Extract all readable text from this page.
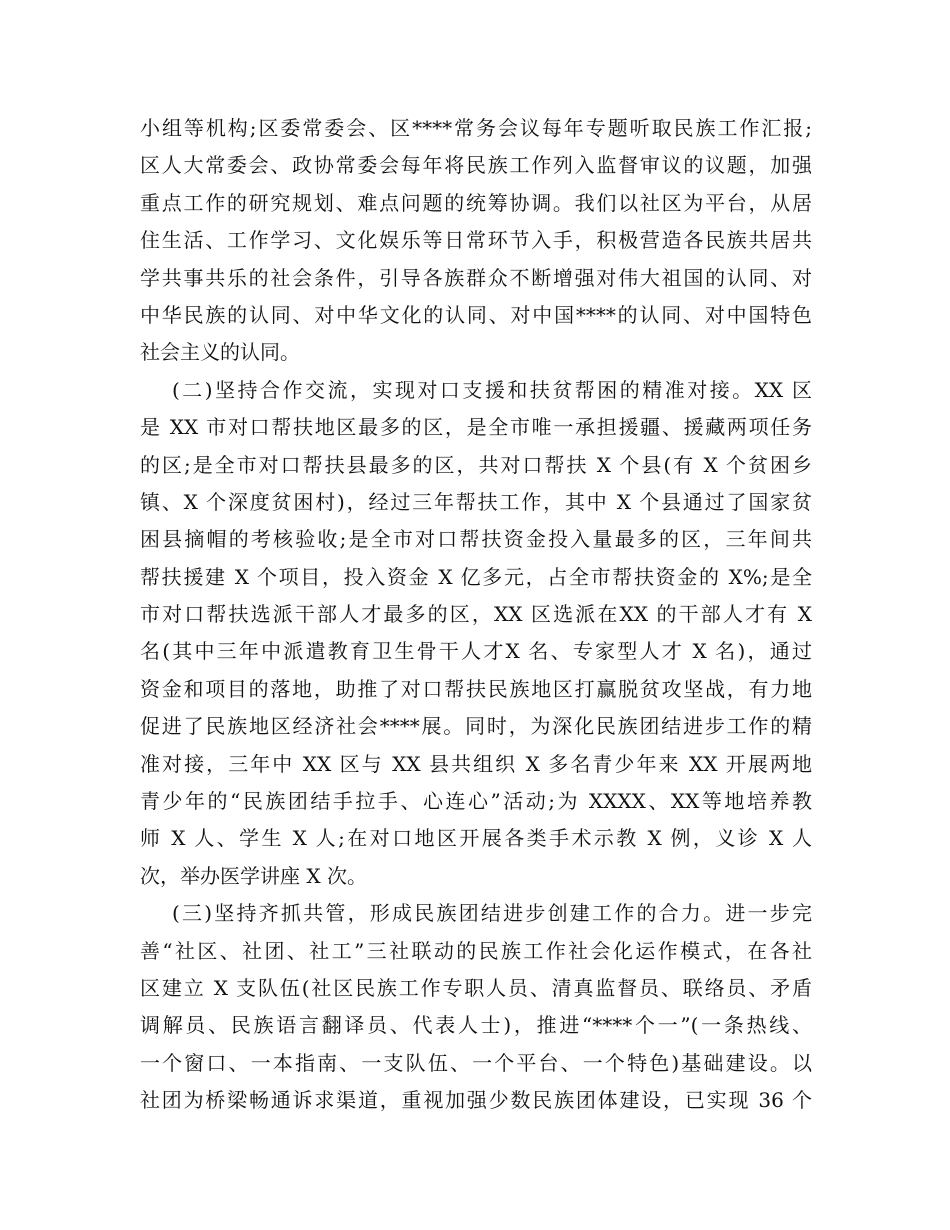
小组等机构;区委常委会、区****常务会议每年专题听取民族工作汇报;
区人大常委会、政协常委会每年将民族工作列入监督审议的议题，加强
重点工作的研究规划、难点问题的统筹协调。我们以社区为平台，从居
住生活、工作学习、文化娱乐等日常环节入手，积极营造各民族共居共
学共事共乐的社会条件，引导各族群众不断增强对伟大祖国的认同、对
中华民族的认同、对中华文化的认同、对中国****的认同、对中国特色
社会主义的认同。
(二)坚持合作交流，实现对口支援和扶贫帮困的精准对接。XX 区
是 XX 市对口帮扶地区最多的区，是全市唯一承担援疆、援藏两项任务
的区;是全市对口帮扶县最多的区，共对口帮扶 X 个县(有 X 个贫困乡
镇、X 个深度贫困村)，经过三年帮扶工作，其中 X 个县通过了国家贫
困县摘帽的考核验收;是全市对口帮扶资金投入量最多的区，三年间共
帮扶援建 X 个项目，投入资金 X 亿多元，占全市帮扶资金的 X%;是全
市对口帮扶选派干部人才最多的区，XX 区选派在XX 的干部人才有 X
名(其中三年中派遣教育卫生骨干人才X 名、专家型人才 X 名)，通过
资金和项目的落地，助推了对口帮扶民族地区打赢脱贫攻坚战，有力地
促进了民族地区经济社会****展。同时，为深化民族团结进步工作的精
准对接，三年中 XX 区与 XX 县共组织 X 多名青少年来 XX 开展两地
青少年的“民族团结手拉手、心连心”活动;为 XXXX、XX等地培养教
师 X 人、学生 X 人;在对口地区开展各类手术示教 X 例，义诊 X 人
次，举办医学讲座 X 次。
(三)坚持齐抓共管，形成民族团结进步创建工作的合力。进一步完
善“社区、社团、社工”三社联动的民族工作社会化运作模式，在各社
区建立 X 支队伍(社区民族工作专职人员、清真监督员、联络员、矛盾
调解员、民族语言翻译员、代表人士)，推进“****个一”(一条热线、
一个窗口、一本指南、一支队伍、一个平台、一个特色)基础建设。以
社团为桥梁畅通诉求渠道，重视加强少数民族团体建设，已实现 36 个
